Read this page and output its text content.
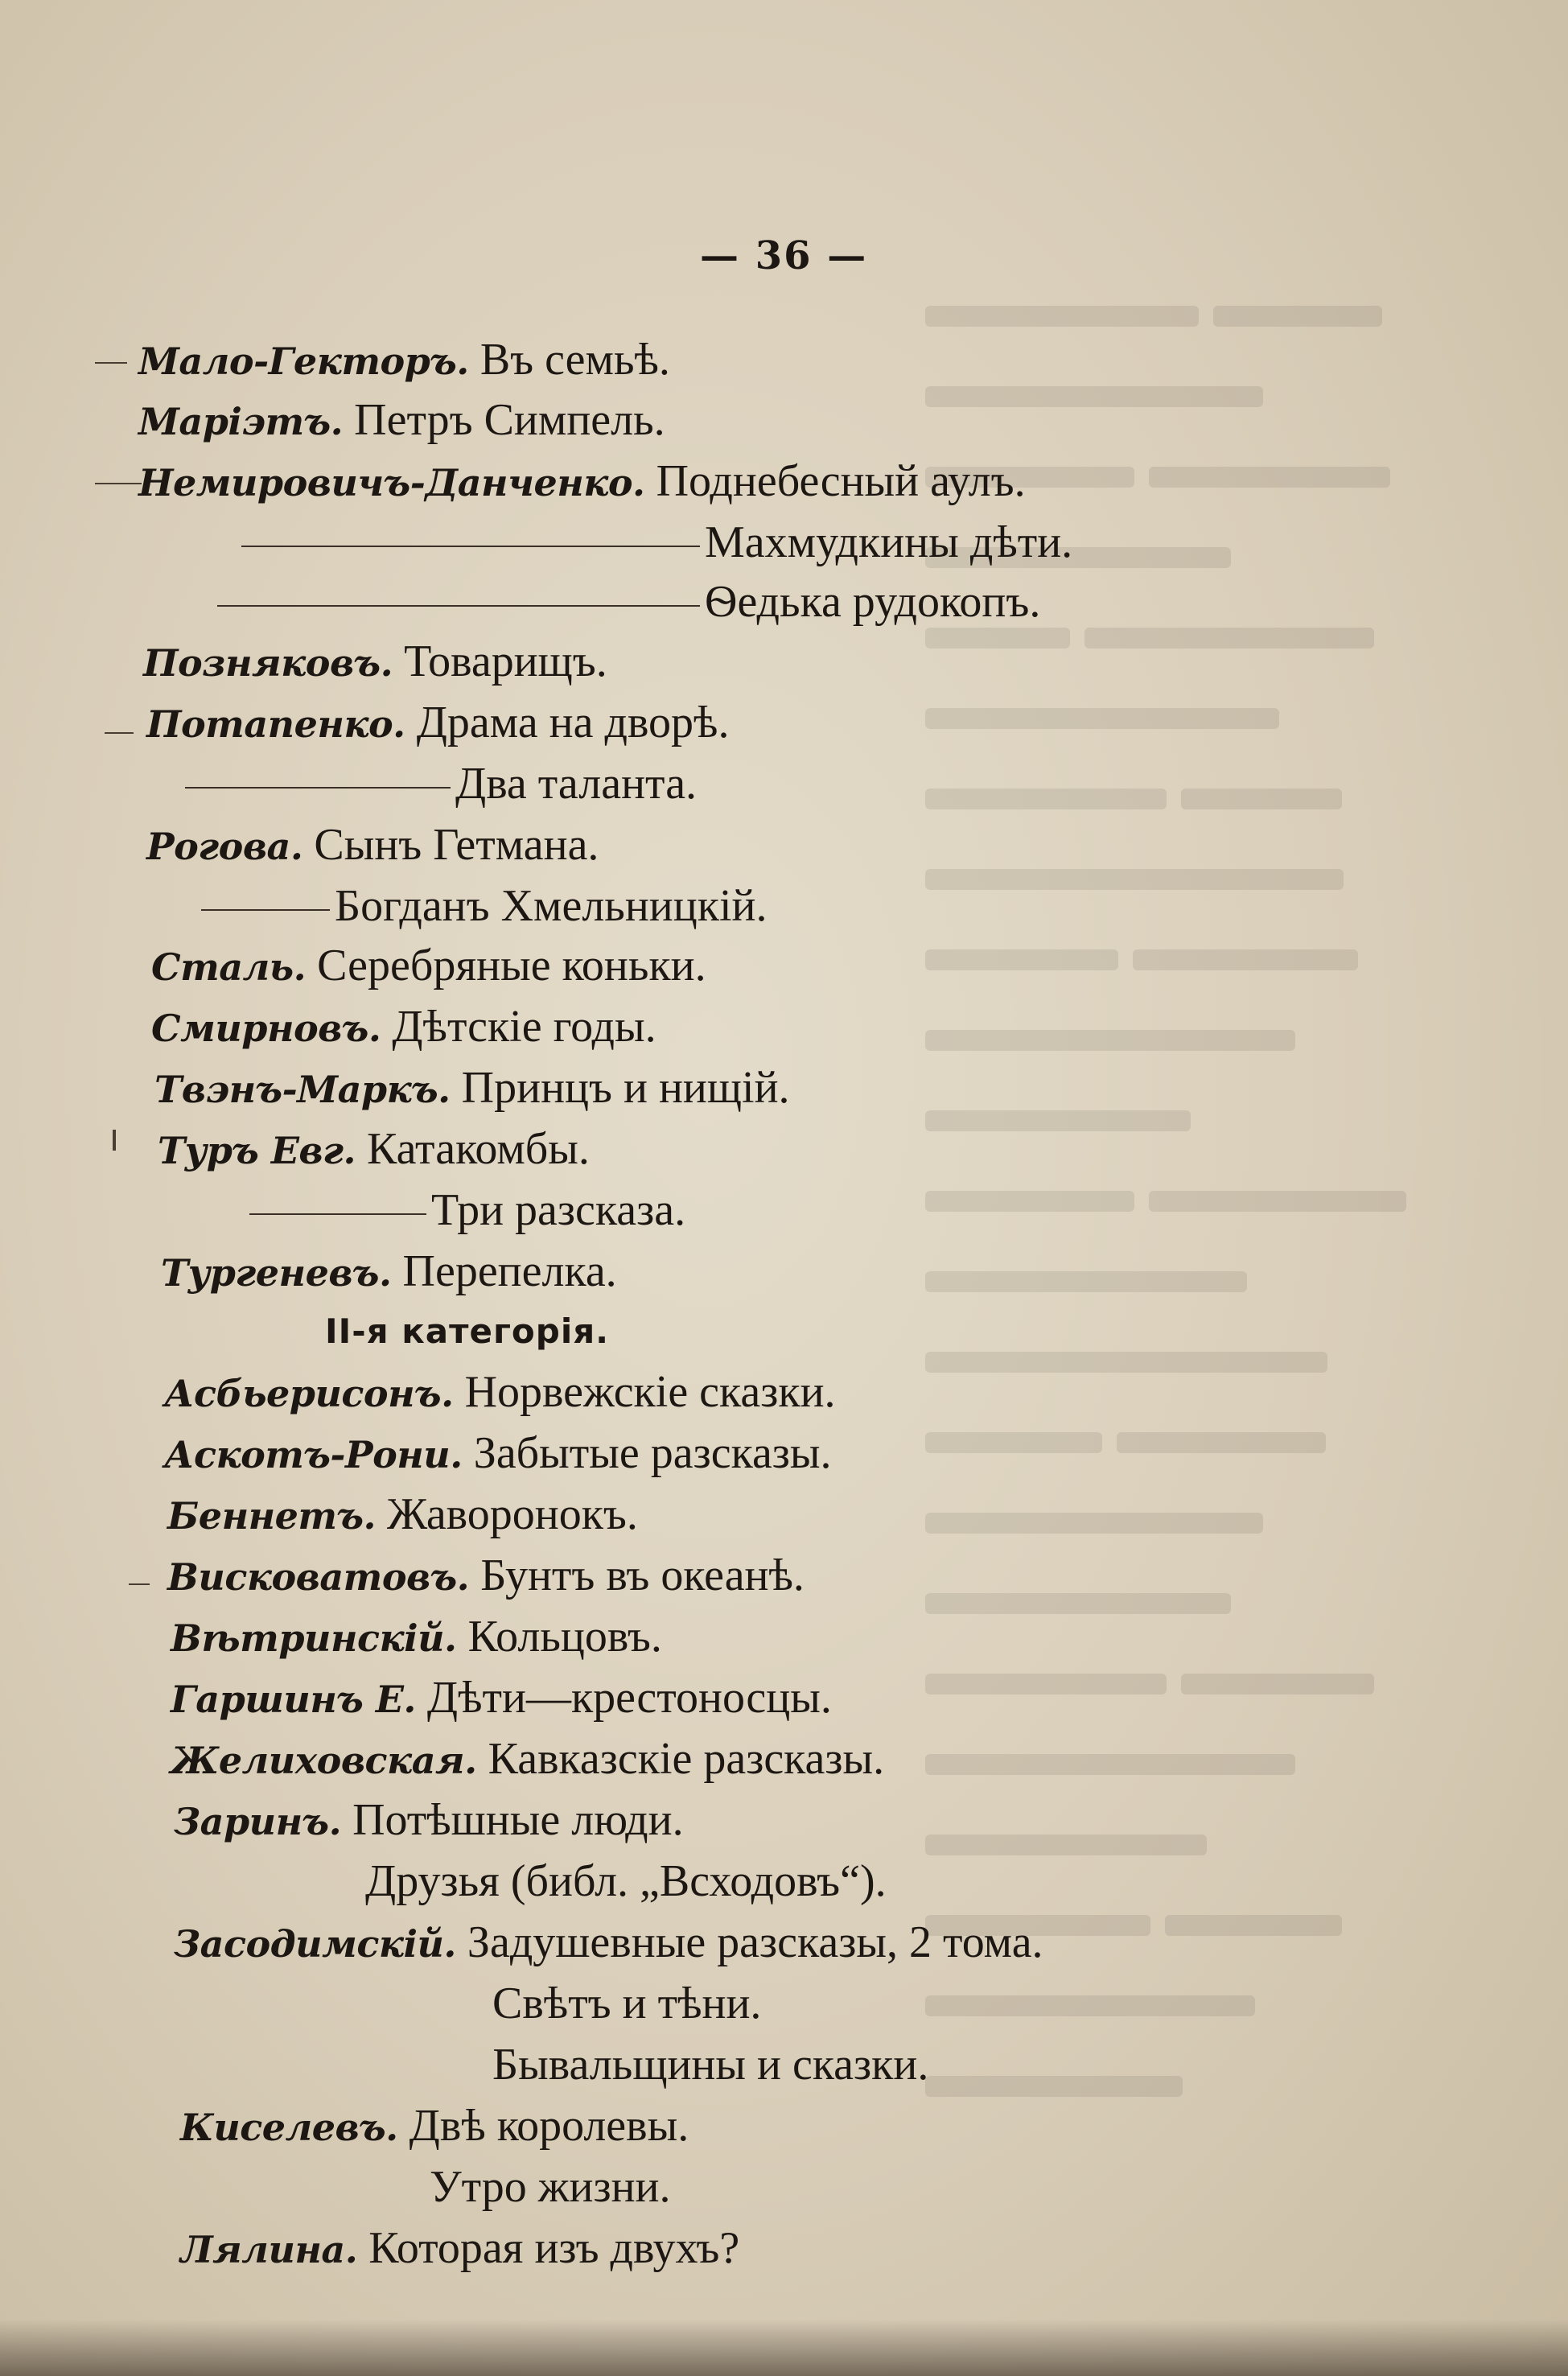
— 36 —
Мало-Гекторъ. Въ семьѣ.
Маріэтъ. Петръ Симпель.
Немировичъ-Данченко. Поднебесный аулъ.
Махмудкины дѣти.
Ѳедька рудокопъ.
Позняковъ. Товарищъ.
Потапенко. Драма на дворѣ.
Два таланта.
Рогова. Сынъ Гетмана.
Богданъ Хмельницкій.
Сталь. Серебряные коньки.
Смирновъ. Дѣтскіе годы.
Твэнъ-Маркъ. Принцъ и нищій.
Туръ Евг. Катакомбы.
Три разсказа.
Тургеневъ. Перепелка.
II-я категорія.
Асбьерисонъ. Норвежскіе сказки.
Аскотъ-Рони. Забытые разсказы.
Беннетъ. Жаворонокъ.
Висковатовъ. Бунтъ въ океанѣ.
Вѣтринскій. Кольцовъ.
Гаршинъ Е. Дѣти—крестоносцы.
Желиховская. Кавказскіе разсказы.
Заринъ. Потѣшные люди.
Друзья (библ. „Всходовъ“).
Засодимскій. Задушевные разсказы, 2 тома.
Свѣтъ и тѣни.
Бывальщины и сказки.
Киселевъ. Двѣ королевы.
Утро жизни.
Лялина. Которая изъ двухъ?
